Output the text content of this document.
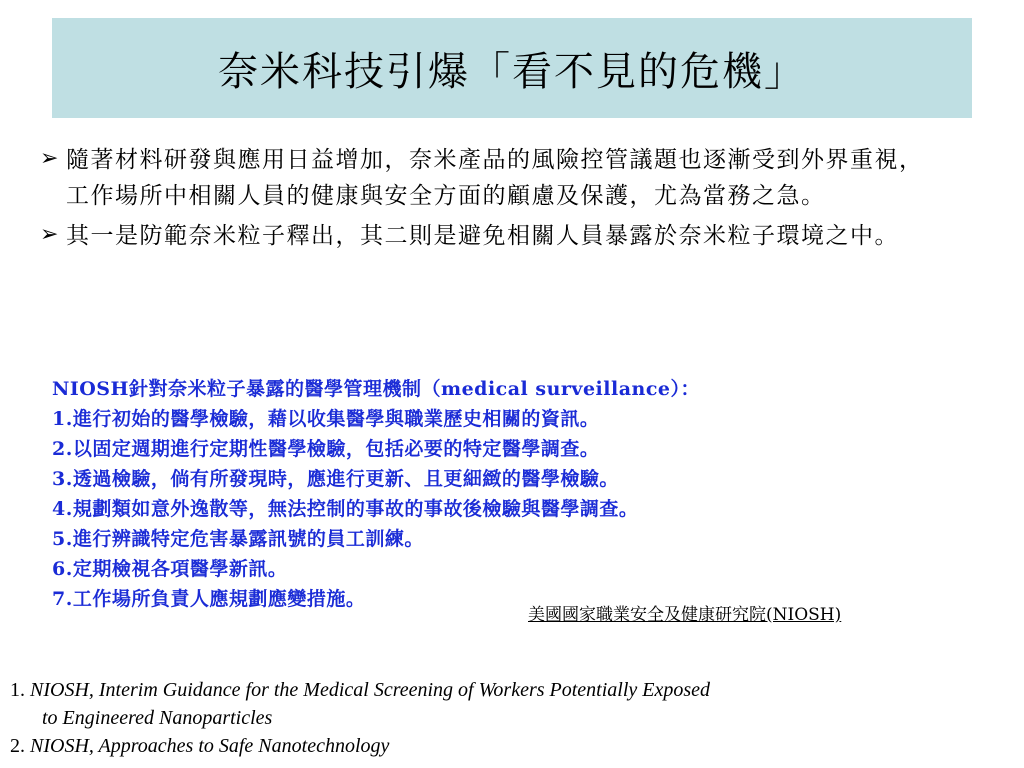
奈米科技引爆「看不見的危機」
➢ 隨著材料研發與應用日益增加，奈米產品的風險控管議題也逐漸受到外界重視，工作場所中相關人員的健康與安全方面的顧慮及保護，尤為當務之急。
➢ 其一是防範奈米粒子釋出，其二則是避免相關人員暴露於奈米粒子環境之中。
NIOSH針對奈米粒子暴露的醫學管理機制（medical surveillance）：
1.進行初始的醫學檢驗，藉以收集醫學與職業歷史相關的資訊。
2.以固定週期進行定期性醫學檢驗，包括必要的特定醫學調查。
3.透過檢驗，倘有所發現時，應進行更新、且更細緻的醫學檢驗。
4.規劃類如意外逸散等，無法控制的事故的事故後檢驗與醫學調查。
5.進行辨識特定危害暴露訊號的員工訓練。
6.定期檢視各項醫學新訊。
7.工作場所負責人應規劃應變措施。
美國國家職業安全及健康研究院(NIOSH)
1. NIOSH, Interim Guidance for the Medical Screening of Workers Potentially Exposed
to Engineered Nanoparticles
2. NIOSH, Approaches to Safe Nanotechnology
